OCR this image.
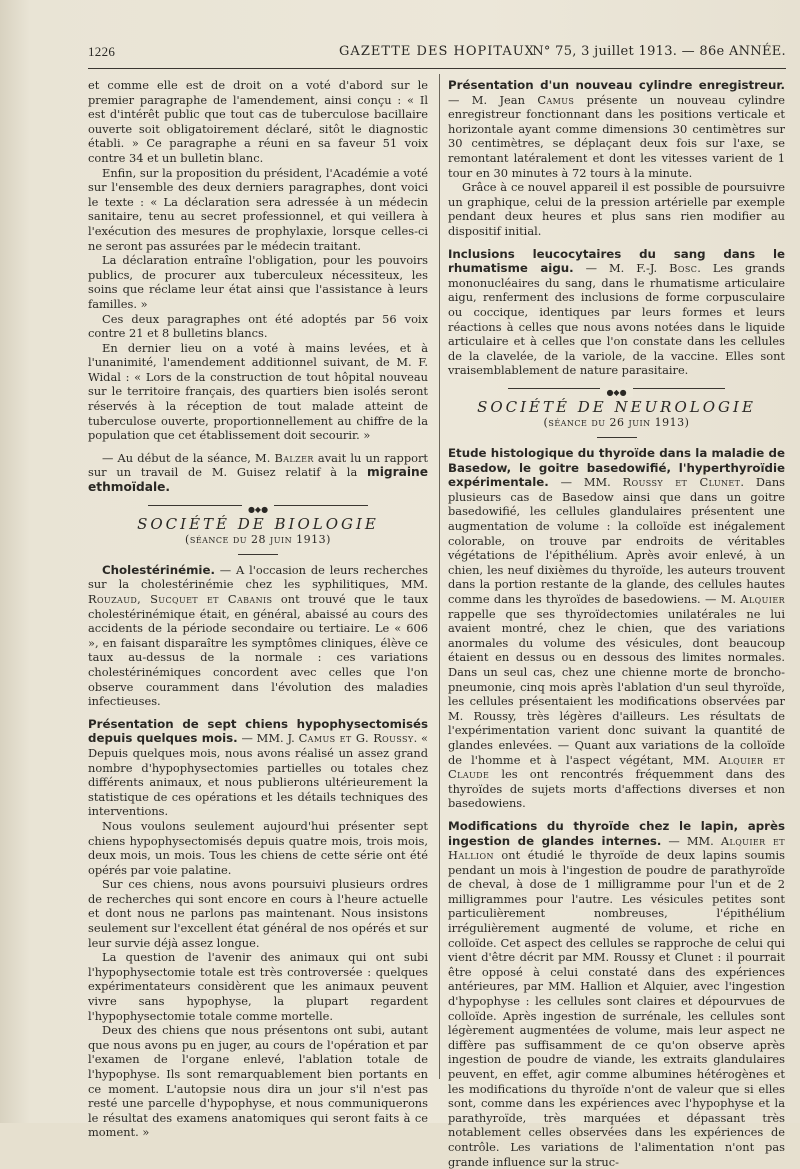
1226	GAZETTE DES HOPITAUX
N° 75, 3 juillet 1913. — 86e ANNÉE.

et comme elle est de droit on a voté d'abord sur le premier paragraphe de l'amendement, ainsi conçu : « Il est d'intérêt public que tout cas de tuberculose bacillaire ouverte soit obligatoirement déclaré, sitôt le diagnostic établi. » Ce paragraphe a réuni en sa faveur 51 voix contre 34 et un bulletin blanc.

Enfin, sur la proposition du président, l'Académie a voté sur l'ensemble des deux derniers paragraphes, dont voici le texte : « La déclaration sera adressée à un médecin sanitaire, tenu au secret professionnel, et qui veillera à l'exécution des mesures de prophylaxie, lorsque celles-ci ne seront pas assurées par le médecin traitant.

La déclaration entraîne l'obligation, pour les pouvoirs publics, de procurer aux tuberculeux nécessiteux, les soins que réclame leur état ainsi que l'assistance à leurs familles. »

Ces deux paragraphes ont été adoptés par 56 voix contre 21 et 8 bulletins blancs.

En dernier lieu on a voté à mains levées, et à l'unanimité, l'amendement additionnel suivant, de M. F. Widal : « Lors de la construction de tout hôpital nouveau sur le territoire français, des quartiers bien isolés seront réservés à la réception de tout malade atteint de tuberculose ouverte, proportionnellement au chiffre de la population que cet établissement doit secourir. »

— Au début de la séance, M. Balzer avait lu un rapport sur un travail de M. Guisez relatif à la migraine ethmoïdale.

●◆●
SOCIÉTÉ DE BIOLOGIE
(séance du 28 juin 1913)

Cholestérinémie. — A l'occasion de leurs recherches sur la cholestérinémie chez les syphilitiques, MM. Rouzaud, Sucquet et Cabanis ont trouvé que le taux cholestérinémique était, en général, abaissé au cours des accidents de la période secondaire ou tertiaire. Le « 606 », en faisant disparaître les symptômes cliniques, élève ce taux au-dessus de la normale : ces variations cholestérinémiques concordent avec celles que l'on observe couramment dans l'évolution des maladies infectieuses.

Présentation de sept chiens hypophysectomisés depuis quelques mois. — MM. J. Camus et G. Roussy. « Depuis quelques mois, nous avons réalisé un assez grand nombre d'hypophysectomies partielles ou totales chez différents animaux, et nous publierons ultérieurement la statistique de ces opérations et les détails techniques des interventions.

Nous voulons seulement aujourd'hui présenter sept chiens hypophysectomisés depuis quatre mois, trois mois, deux mois, un mois. Tous les chiens de cette série ont été opérés par voie palatine.

Sur ces chiens, nous avons poursuivi plusieurs ordres de recherches qui sont encore en cours à l'heure actuelle et dont nous ne parlons pas maintenant. Nous insistons seulement sur l'excellent état général de nos opérés et sur leur survie déjà assez longue.

La question de l'avenir des animaux qui ont subi l'hypophysectomie totale est très controversée : quelques expérimentateurs considèrent que les animaux peuvent vivre sans hypophyse, la plupart regardent l'hypophysectomie totale comme mortelle.

Deux des chiens que nous présentons ont subi, autant que nous avons pu en juger, au cours de l'opération et par l'examen de l'organe enlevé, l'ablation totale de l'hypophyse. Ils sont remarquablement bien portants en ce moment. L'autopsie nous dira un jour s'il n'est pas resté une parcelle d'hypophyse, et nous communiquerons le résultat des examens anatomiques qui seront faits à ce moment. »

Présentation d'un nouveau cylindre enregistreur. — M. Jean Camus présente un nouveau cylindre enregistreur fonctionnant dans les positions verticale et horizontale ayant comme dimensions 30 centimètres sur 30 centimètres, se déplaçant deux fois sur l'axe, se remontant latéralement et dont les vitesses varient de 1 tour en 30 minutes à 72 tours à la minute.

Grâce à ce nouvel appareil il est possible de poursuivre un graphique, celui de la pression artérielle par exemple pendant deux heures et plus sans rien modifier au dispositif initial.

Inclusions leucocytaires du sang dans le rhumatisme aigu. — M. F.-J. Bosc. Les grands mononucléaires du sang, dans le rhumatisme articulaire aigu, renferment des inclusions de forme corpusculaire ou coccique, identiques par leurs formes et leurs réactions à celles que nous avons notées dans le liquide articulaire et à celles que l'on constate dans les cellules de la clavelée, de la variole, de la vaccine. Elles sont vraisemblablement de nature parasitaire.

●◆●
SOCIÉTÉ DE NEUROLOGIE
(séance du 26 juin 1913)

Etude histologique du thyroïde dans la maladie de Basedow, le goitre basedowifié, l'hyperthyroïdie expérimentale. — MM. Roussy et Clunet. Dans plusieurs cas de Basedow ainsi que dans un goitre basedowifié, les cellules glandulaires présentent une augmentation de volume : la colloïde est inégalement colorable, on trouve par endroits de véritables végétations de l'épithélium. Après avoir enlevé, à un chien, les neuf dixièmes du thyroïde, les auteurs trouvent dans la portion restante de la glande, des cellules hautes comme dans les thyroïdes de basedowiens. — M. Alquier rappelle que ses thyroïdectomies unilatérales ne lui avaient montré, chez le chien, que des variations anormales du volume des vésicules, dont beaucoup étaient en dessus ou en dessous des limites normales. Dans un seul cas, chez une chienne morte de broncho-pneumonie, cinq mois après l'ablation d'un seul thyroïde, les cellules présentaient les modifications observées par M. Roussy, très légères d'ailleurs. Les résultats de l'expérimentation varient donc suivant la quantité de glandes enlevées. — Quant aux variations de la colloïde de l'homme et à l'aspect végétant, MM. Alquier et Claude les ont rencontrés fréquemment dans des thyroïdes de sujets morts d'affections diverses et non basedowiens.

Modifications du thyroïde chez le lapin, après ingestion de glandes internes. — MM. Alquier et Hallion ont étudié le thyroïde de deux lapins soumis pendant un mois à l'ingestion de poudre de parathyroïde de cheval, à dose de 1 milligramme pour l'un et de 2 milligrammes pour l'autre. Les vésicules petites sont particulièrement nombreuses, l'épithélium irrégulièrement augmenté de volume, et riche en colloïde. Cet aspect des cellules se rapproche de celui qui vient d'être décrit par MM. Roussy et Clunet : il pourrait être opposé à celui constaté dans des expériences antérieures, par MM. Hallion et Alquier, avec l'ingestion d'hypophyse : les cellules sont claires et dépourvues de colloïde. Après ingestion de surrénale, les cellules sont légèrement augmentées de volume, mais leur aspect ne diffère pas suffisamment de ce qu'on observe après ingestion de poudre de viande, les extraits glandulaires peuvent, en effet, agir comme albumines hétérogènes et les modifications du thyroïde n'ont de valeur que si elles sont, comme dans les expériences avec l'hypophyse et la parathyroïde, très marquées et dépassant très notablement celles observées dans les expériences de contrôle. Les variations de l'alimentation n'ont pas grande influence sur la struc-
